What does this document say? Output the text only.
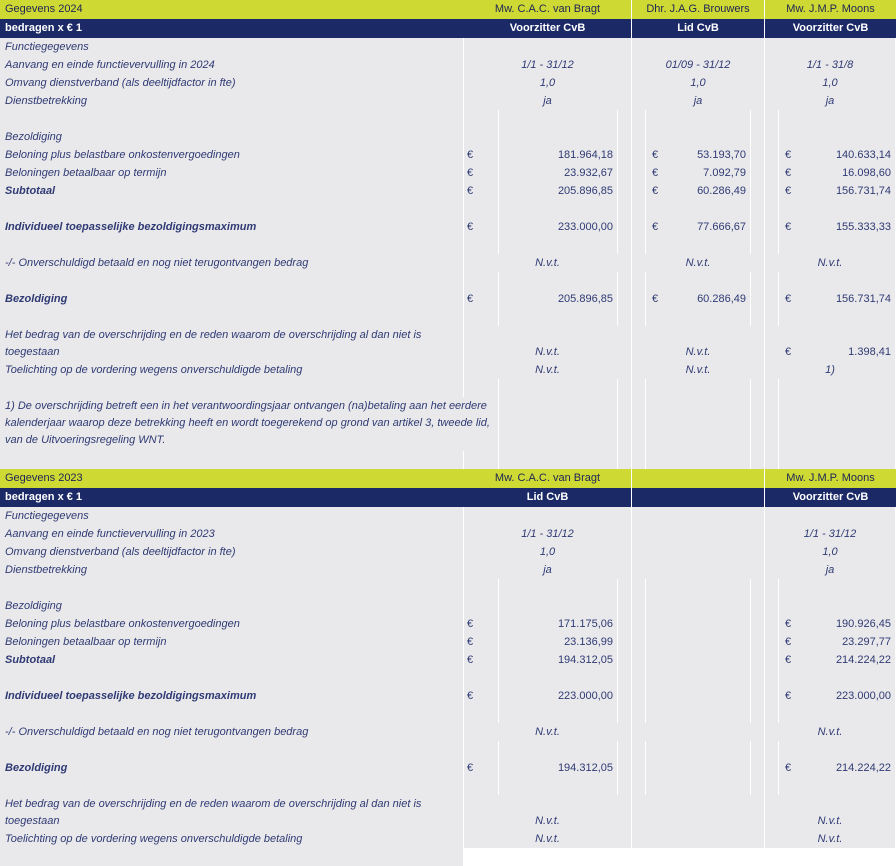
Gegevens 2024	Mw. C.A.C. van Bragt	Dhr. J.A.G. Brouwers	Mw. J.M.P. Moons
bedragen x € 1	Voorzitter CvB	Lid CvB	Voorzitter CvB
Functiegegevens
Aanvang en einde functievervulling in 2024	1/1 - 31/12	01/09 - 31/12	1/1 - 31/8
Omvang dienstverband (als deeltijdfactor in fte)	1,0	1,0	1,0
Dienstbetrekking	ja	ja	ja
Bezoldiging
Beloning plus belastbare onkostenvergoedingen	€	181.964,18	€	53.193,70	€	140.633,14
Beloningen betaalbaar op termijn	€	23.932,67	€	7.092,79	€	16.098,60
Subtotaal	€	205.896,85	€	60.286,49	€	156.731,74
Individueel toepasselijke bezoldigingsmaximum	€	233.000,00	€	77.666,67	€	155.333,33
-/- Onverschuldigd betaald en nog niet terugontvangen bedrag	N.v.t.	N.v.t.	N.v.t.
Bezoldiging	€	205.896,85	€	60.286,49	€	156.731,74
Het bedrag van de overschrijding en de reden waarom de overschrijding al dan niet is toegestaan	N.v.t.	N.v.t.	€	1.398,41
Toelichting op de vordering wegens onverschuldigde betaling	N.v.t.	N.v.t.	1)
1) De overschrijding betreft een in het verantwoordingsjaar ontvangen (na)betaling aan het eerdere kalenderjaar waarop deze betrekking heeft en wordt toegerekend op grond van artikel 3, tweede lid, van de Uitvoeringsregeling WNT.
Gegevens 2023	Mw. C.A.C. van Bragt	Mw. J.M.P. Moons
bedragen x € 1	Lid CvB	Voorzitter CvB
Functiegegevens
Aanvang en einde functievervulling in 2023	1/1 - 31/12	1/1 - 31/12
Omvang dienstverband (als deeltijdfactor in fte)	1,0	1,0
Dienstbetrekking	ja	ja
Bezoldiging
Beloning plus belastbare onkostenvergoedingen	€	171.175,06	€	190.926,45
Beloningen betaalbaar op termijn	€	23.136,99	€	23.297,77
Subtotaal	€	194.312,05	€	214.224,22
Individueel toepasselijke bezoldigingsmaximum	€	223.000,00	€	223.000,00
-/- Onverschuldigd betaald en nog niet terugontvangen bedrag	N.v.t.	N.v.t.
Bezoldiging	€	194.312,05	€	214.224,22
Het bedrag van de overschrijding en de reden waarom de overschrijding al dan niet is toegestaan	N.v.t.	N.v.t.
Toelichting op de vordering wegens onverschuldigde betaling	N.v.t.	N.v.t.
